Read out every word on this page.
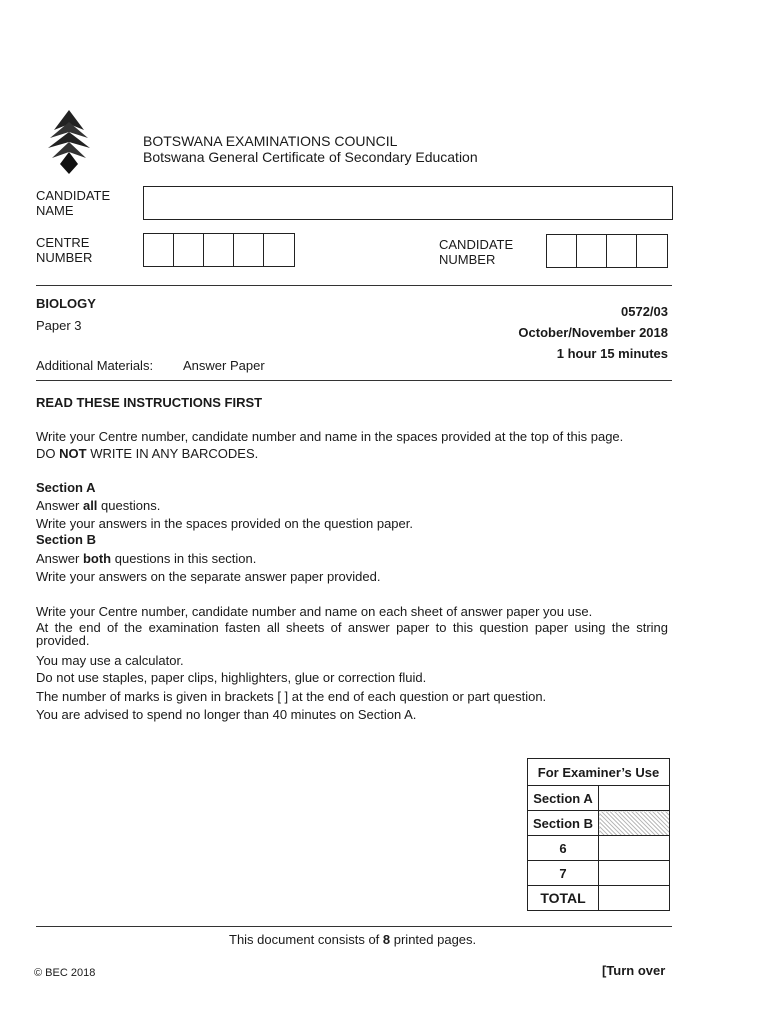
BOTSWANA EXAMINATIONS COUNCIL
Botswana General Certificate of Secondary Education
CANDIDATE
NAME
CENTRE
NUMBER
CANDIDATE
NUMBER
BIOLOGY
Paper 3
0572/03
October/November 2018
1 hour 15 minutes
Additional Materials: Answer Paper
READ THESE INSTRUCTIONS FIRST
Write your Centre number, candidate number and name in the spaces provided at the top of this page.
DO NOT WRITE IN ANY BARCODES.
Section A
Answer all questions.
Write your answers in the spaces provided on the question paper.
Section B
Answer both questions in this section.
Write your answers on the separate answer paper provided.
Write your Centre number, candidate number and name on each sheet of answer paper you use.
At the end of the examination fasten all sheets of answer paper to this question paper using the string provided.
You may use a calculator.
Do not use staples, paper clips, highlighters, glue or correction fluid.
The number of marks is given in brackets [ ] at the end of each question or part question.
You are advised to spend no longer than 40 minutes on Section A.
For Examiner’s Use	
Section A	
Section B	
6	
7	
TOTAL	
This document consists of 8 printed pages.
© BEC 2018	[Turn over
